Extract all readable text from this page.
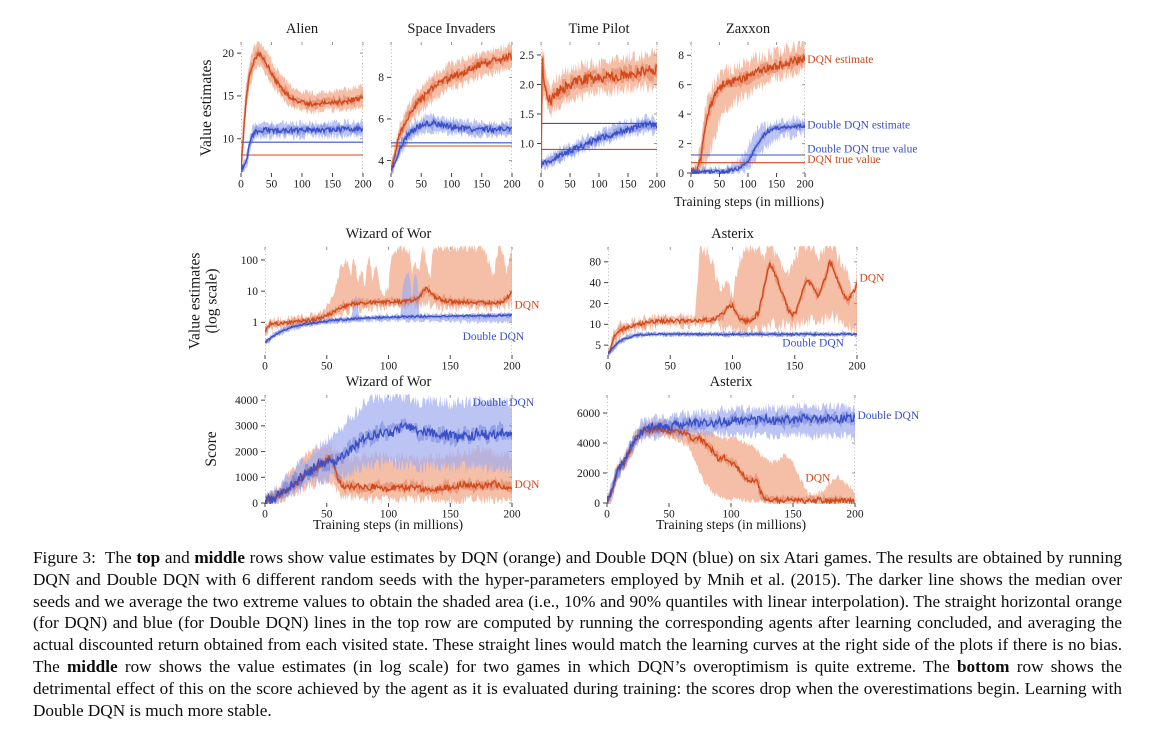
Value estimates
Value estimates (log scale)
Score
Training steps (in millions)
Training steps (in millions)	Training steps (in millions)

Figure 3:  The top and middle rows show value estimates by DQN (orange) and Double DQN (blue) on six Atari games. The results are obtained by running DQN and Double DQN with 6 different random seeds with the hyper-parameters employed by Mnih et al. (2015). The darker line shows the median over seeds and we average the two extreme values to obtain the shaded area (i.e., 10% and 90% quantiles with linear interpolation). The straight horizontal orange (for DQN) and blue (for Double DQN) lines in the top row are computed by running the corresponding agents after learning concluded, and averaging the actual discounted return obtained from each visited state. These straight lines would match the learning curves at the right side of the plots if there is no bias. The middle row shows the value estimates (in log scale) for two games in which DQN’s overoptimism is quite extreme. The bottom row shows the detrimental effect of this on the score achieved by the agent as it is evaluated during training: the scores drop when the overestimations begin. Learning with Double DQN is much more stable.

0 50 100 150 200
10
15
20
Alien
0 50 100 150 200
4
6
8
Space Invaders
0 50 100 150 200
1.0
1.5
2.0
2.5
Time Pilot
0 50 100 150 200
0
2
4
6
8
Zaxxon
DQN estimate
Double DQN estimate
Double DQN true value
DQN true value
0	50	100	150	200
1
10
100
Wizard of Wor
DQN
Double DQN
0	50	100	150	200
5
10
20
40
80
Asterix
DQN
Double DQN
0	50	100	150	200
0
1000
2000
3000
4000
Wizard of Wor
Double DQN
DQN
0	50	100	150	200
0
2000
4000
6000
Asterix
Double DQN
DQN
